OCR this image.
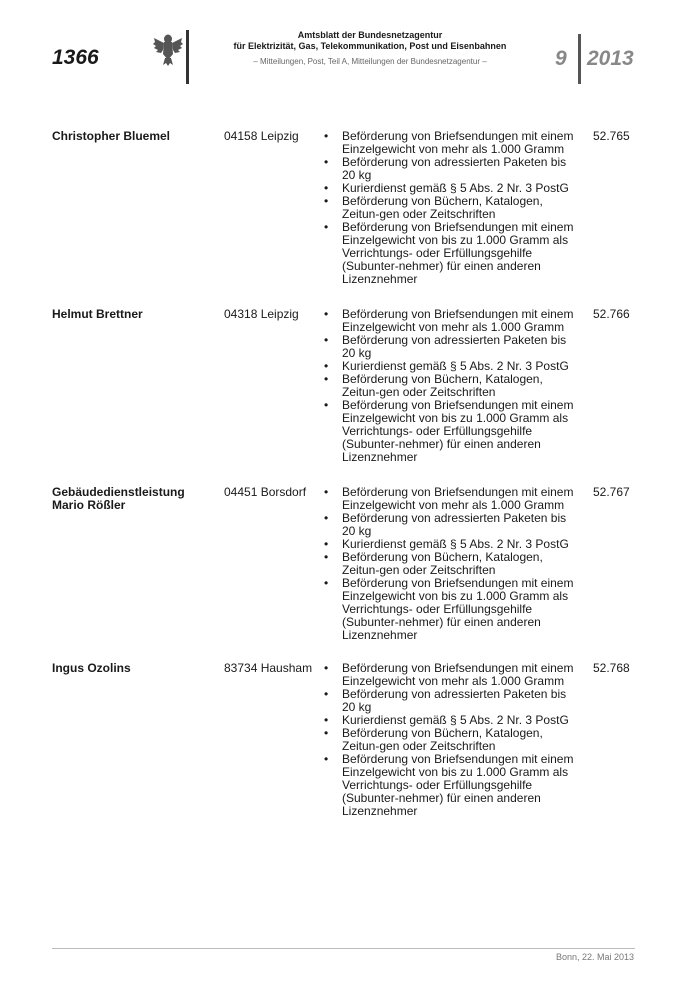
1366
Amtsblatt der Bundesnetzagentur
für Elektrizität, Gas, Telekommunikation, Post und Eisenbahnen
– Mitteilungen, Post, Teil A, Mitteilungen der Bundesnetzagentur –	9 2013
Christopher Bluemel	04158 Leipzig	• Beförderung von Briefsendungen mit einem Einzelgewicht von mehr als 1.000 Gramm
• Beförderung von adressierten Paketen bis 20 kg
• Kurierdienst gemäß § 5 Abs. 2 Nr. 3 PostG
• Beförderung von Büchern, Katalogen, Zeitun-gen oder Zeitschriften
• Beförderung von Briefsendungen mit einem Einzelgewicht von bis zu 1.000 Gramm als Verrichtungs- oder Erfüllungsgehilfe (Subunter-nehmer) für einen anderen Lizenznehmer
52.765
Helmut Brettner	04318 Leipzig	• Beförderung von Briefsendungen mit einem Einzelgewicht von mehr als 1.000 Gramm
• Beförderung von adressierten Paketen bis 20 kg
• Kurierdienst gemäß § 5 Abs. 2 Nr. 3 PostG
• Beförderung von Büchern, Katalogen, Zeitun-gen oder Zeitschriften
• Beförderung von Briefsendungen mit einem Einzelgewicht von bis zu 1.000 Gramm als Verrichtungs- oder Erfüllungsgehilfe (Subunter-nehmer) für einen anderen Lizenznehmer
52.766
Gebäudedienstleistung Mario Rößler
04451 Borsdorf	• Beförderung von Briefsendungen mit einem Einzelgewicht von mehr als 1.000 Gramm
• Beförderung von adressierten Paketen bis 20 kg
• Kurierdienst gemäß § 5 Abs. 2 Nr. 3 PostG
• Beförderung von Büchern, Katalogen, Zeitun-gen oder Zeitschriften
• Beförderung von Briefsendungen mit einem Einzelgewicht von bis zu 1.000 Gramm als Verrichtungs- oder Erfüllungsgehilfe (Subunter-nehmer) für einen anderen Lizenznehmer
52.767
Ingus Ozolins	83734 Hausham • Beförderung von Briefsendungen mit einem Einzelgewicht von mehr als 1.000 Gramm
• Beförderung von adressierten Paketen bis 20 kg
• Kurierdienst gemäß § 5 Abs. 2 Nr. 3 PostG
• Beförderung von Büchern, Katalogen, Zeitun-gen oder Zeitschriften
• Beförderung von Briefsendungen mit einem Einzelgewicht von bis zu 1.000 Gramm als Verrichtungs- oder Erfüllungsgehilfe (Subunter-nehmer) für einen anderen Lizenznehmer
52.768
Bonn, 22. Mai 2013
